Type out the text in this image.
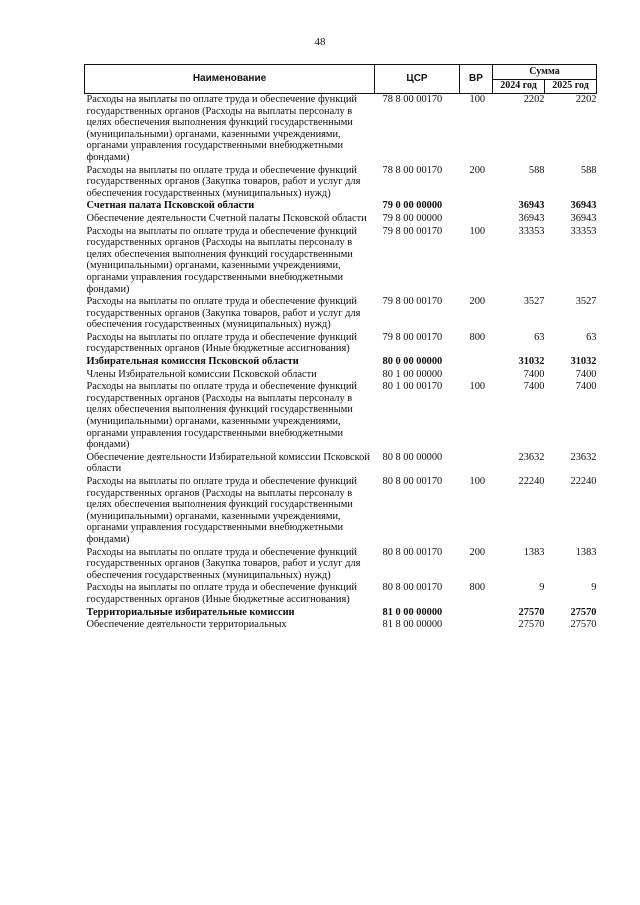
48
Наименование	ЦСР	ВР	Сумма	
			2024 год	2025 год
Расходы на выплаты по оплате труда и обеспечение функций государственных органов (Расходы на выплаты персоналу в целях обеспечения выполнения функций государственными (муниципальными) органами, казенными учреждениями, органами управления государственными внебюджетными фондами)	78 8 00 00170	100	2202	2202
Расходы на выплаты по оплате труда и обеспечение функций государственных органов (Закупка товаров, работ и услуг для обеспечения государственных (муниципальных) нужд)	78 8 00 00170	200	588	588
Счетная палата Псковской области	79 0 00 00000		36943	36943
Обеспечение деятельности Счетной палаты Псковской области	79 8 00 00000		36943	36943
Расходы на выплаты по оплате труда и обеспечение функций государственных органов (Расходы на выплаты персоналу в целях обеспечения выполнения функций государственными (муниципальными) органами, казенными учреждениями, органами управления государственными внебюджетными фондами)	79 8 00 00170	100	33353	33353
Расходы на выплаты по оплате труда и обеспечение функций государственных органов (Закупка товаров, работ и услуг для обеспечения государственных (муниципальных) нужд)	79 8 00 00170	200	3527	3527
Расходы на выплаты по оплате труда и обеспечение функций государственных органов (Иные бюджетные ассигнования)	79 8 00 00170	800	63	63
Избирательная комиссия Псковской области	80 0 00 00000		31032	31032
Члены Избирательной комиссии Псковской области	80 1 00 00000		7400	7400
Расходы на выплаты по оплате труда и обеспечение функций государственных органов (Расходы на выплаты персоналу в целях обеспечения выполнения функций государственными (муниципальными) органами, казенными учреждениями, органами управления государственными внебюджетными фондами)	80 1 00 00170	100	7400	7400
Обеспечение деятельности Избирательной комиссии Псковской области	80 8 00 00000		23632	23632
Расходы на выплаты по оплате труда и обеспечение функций государственных органов (Расходы на выплаты персоналу в целях обеспечения выполнения функций государственными (муниципальными) органами, казенными учреждениями, органами управления государственными внебюджетными фондами)	80 8 00 00170	100	22240	22240
Расходы на выплаты по оплате труда и обеспечение функций государственных органов (Закупка товаров, работ и услуг для обеспечения государственных (муниципальных) нужд)	80 8 00 00170	200	1383	1383
Расходы на выплаты по оплате труда и обеспечение функций государственных органов (Иные бюджетные ассигнования)	80 8 00 00170	800	9	9
Территориальные избирательные комиссии	81 0 00 00000		27570	27570
Обеспечение деятельности территориальных	81 8 00 00000		27570	27570
